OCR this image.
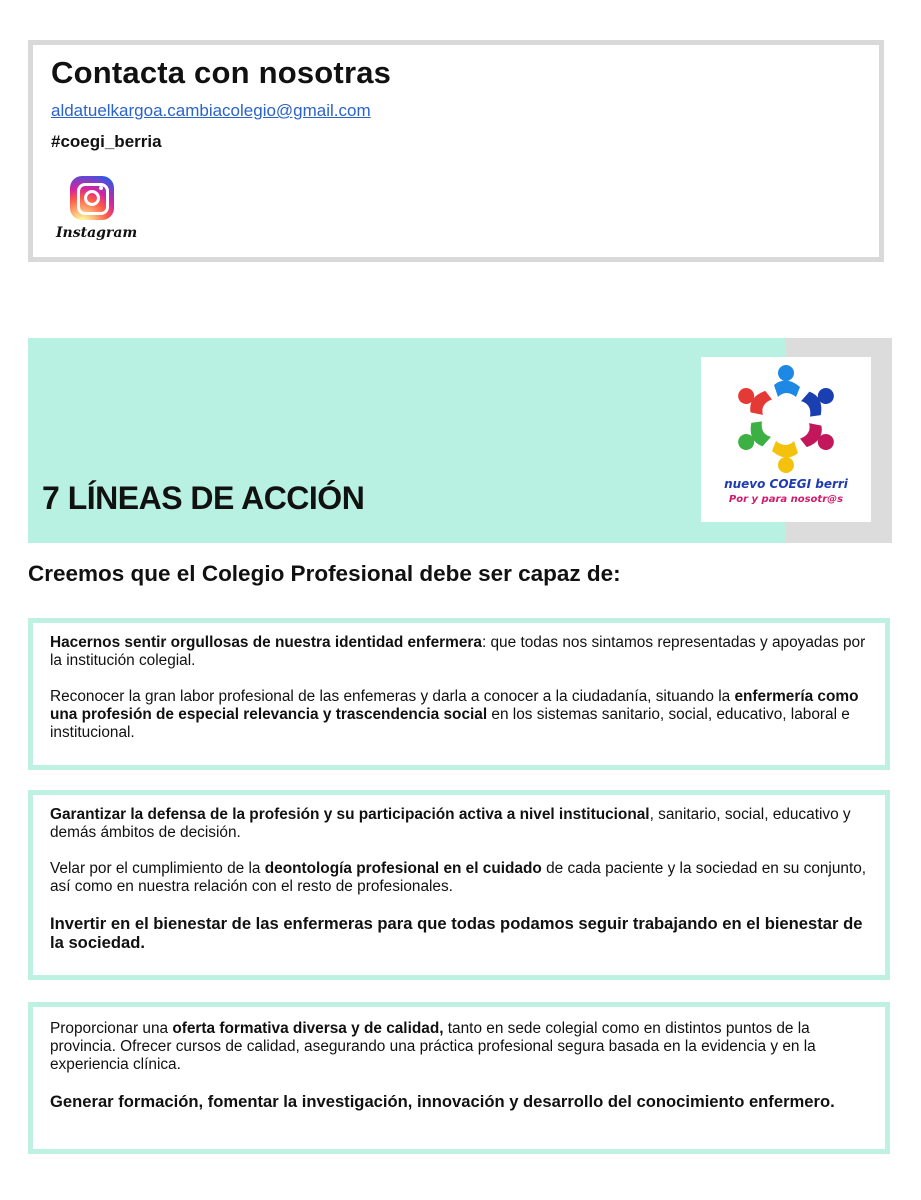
Contacta con nosotras
aldatuelkargoa.cambiacolegio@gmail.com
#coegi_berria
Instagram
7 LÍNEAS DE ACCIÓN	nuevo COEGI berri
Por y para nosotr@s
Creemos que el Colegio Profesional debe ser capaz de:

Hacernos sentir orgullosas de nuestra identidad enfermera: que todas nos sintamos representadas y apoyadas por la institución colegial.

Reconocer la gran labor profesional de las enfemeras y darla a conocer a la ciudadanía, situando la enfermería como una profesión de especial relevancia y trascendencia social en los sistemas sanitario, social, educativo, laboral e institucional.

Garantizar la defensa de la profesión y su participación activa a nivel institucional, sanitario, social, educativo y demás ámbitos de decisión.

Velar por el cumplimiento de la deontología profesional en el cuidado de cada paciente y la sociedad en su conjunto, así como en nuestra relación con el resto de profesionales.

Invertir en el bienestar de las enfermeras para que todas podamos seguir trabajando en el bienestar de la sociedad.

Proporcionar una oferta formativa diversa y de calidad, tanto en sede colegial como en distintos puntos de la provincia. Ofrecer cursos de calidad, asegurando una práctica profesional segura basada en la evidencia y en la experiencia clínica.

Generar formación, fomentar la investigación, innovación y desarrollo del conocimiento enfermero.
